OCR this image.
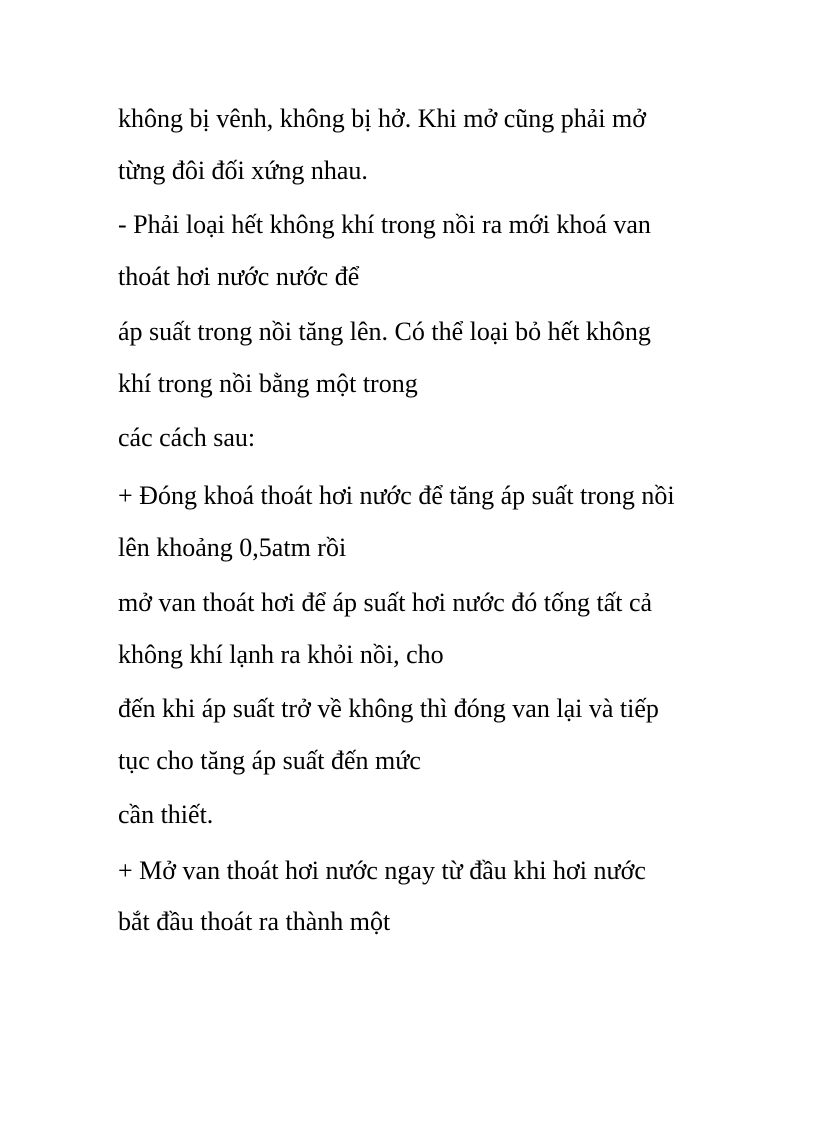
không bị vênh, không bị hở. Khi mở cũng phải mở

từng đôi đối xứng nhau.

- Phải loại hết không khí trong nồi ra mới khoá van

thoát hơi nước nước để

áp suất trong nồi tăng lên. Có thể loại bỏ hết không

khí trong nồi bằng một trong

các cách sau:

+ Đóng khoá thoát hơi nước để tăng áp suất trong nồi

lên khoảng 0,5atm rồi

mở van thoát hơi để áp suất hơi nước đó tống tất cả

không khí lạnh ra khỏi nồi, cho

đến khi áp suất trở về không thì đóng van lại và tiếp

tục cho tăng áp suất đến mức

cần thiết.

+ Mở van thoát hơi nước ngay từ đầu khi hơi nước

bắt đầu thoát ra thành một
